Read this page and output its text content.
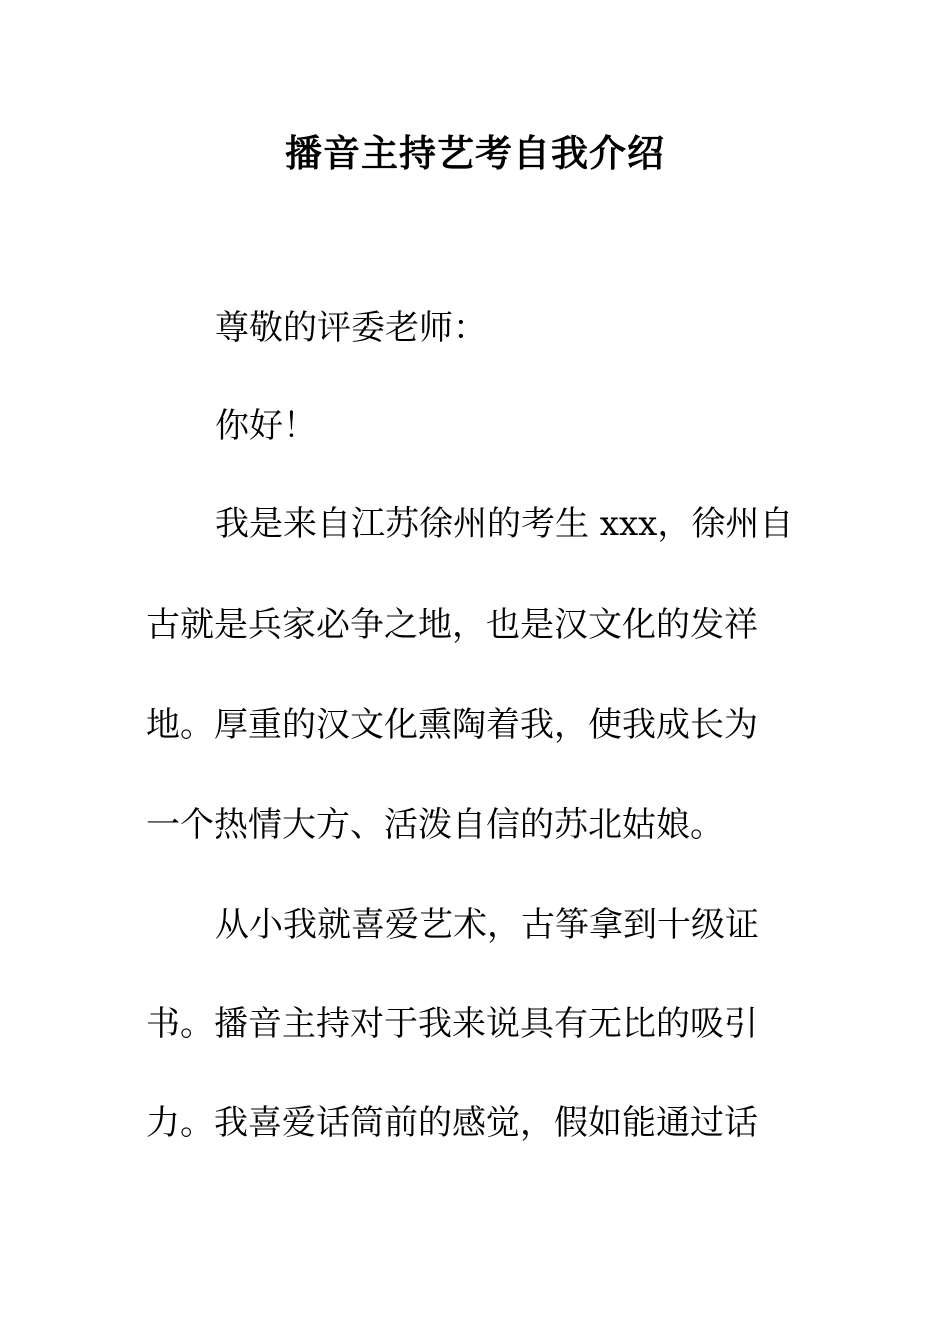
播音主持艺考自我介绍
尊敬的评委老师：
你好！
我是来自江苏徐州的考生 xxx，徐州自
古就是兵家必争之地，也是汉文化的发祥
地。厚重的汉文化熏陶着我，使我成长为
一个热情大方、活泼自信的苏北姑娘。
从小我就喜爱艺术，古筝拿到十级证
书。播音主持对于我来说具有无比的吸引
力。我喜爱话筒前的感觉，假如能通过话
